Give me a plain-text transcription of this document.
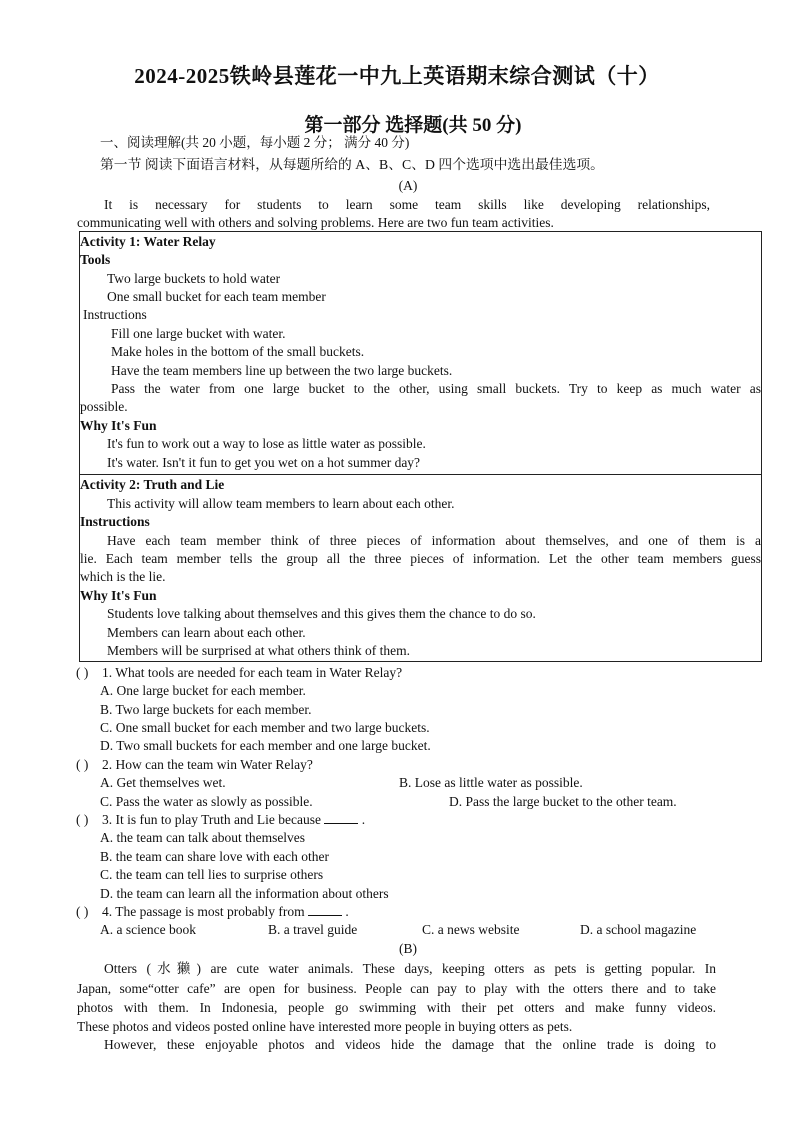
2024-2025铁岭县莲花一中九上英语期末综合测试（十）
第一部分 选择题(共 50 分)
一、阅读理解(共 20 小题，每小题 2 分； 满分 40 分)
第一节 阅读下面语言材料，从每题所给的 A、B、C、D 四个选项中选出最佳选项。
(A)
It is necessary for students to learn some team skills like developing relationships,
communicating well with others and solving problems. Here are two fun team activities.
Activity 1: Water Relay
Tools
Two large buckets to hold water
One small bucket for each team member
Instructions
Fill one large bucket with water.
Make holes in the bottom of the small buckets.
Have the team members line up between the two large buckets.
Pass the water from one large bucket to the other, using small buckets. Try to keep as much water as
possible.
Why It's Fun
It's fun to work out a way to lose as little water as possible.
It's water. Isn't it fun to get you wet on a hot summer day?
Activity 2: Truth and Lie
This activity will allow team members to learn about each other.
Instructions
Have each team member think of three pieces of information about themselves, and one of them is a
lie. Each team member tells the group all the three pieces of information. Let the other team members guess
which is the lie.
Why It's Fun
Students love talking about themselves and this gives them the chance to do so.
Members can learn about each other.
Members will be surprised at what others think of them.
( ) 1. What tools are needed for each team in Water Relay?
A. One large bucket for each member.
B. Two large buckets for each member.
C. One small bucket for each member and two large buckets.
D. Two small buckets for each member and one large bucket.
( ) 2. How can the team win Water Relay?
A. Get themselves wet.	B. Lose as little water as possible.
C. Pass the water as slowly as possible.	D. Pass the large bucket to the other team.
( ) 3. It is fun to play Truth and Lie because	.
A. the team can talk about themselves
B. the team can share love with each other
C. the team can tell lies to surprise others
D. the team can learn all the information about others
( ) 4. The passage is most probably from	.
A. a science book	B. a travel guide	C. a news website	D. a school magazine
(B)
Otters (水獭) are cute water animals. These days, keeping otters as pets is getting popular. In
Japan, some“otter cafe” are open for business. People can pay to play with the otters there and to take
photos with them. In Indonesia, people go swimming with their pet otters and make funny videos.
These photos and videos posted online have interested more people in buying otters as pets.
However, these enjoyable photos and videos hide the damage that the online trade is doing to
